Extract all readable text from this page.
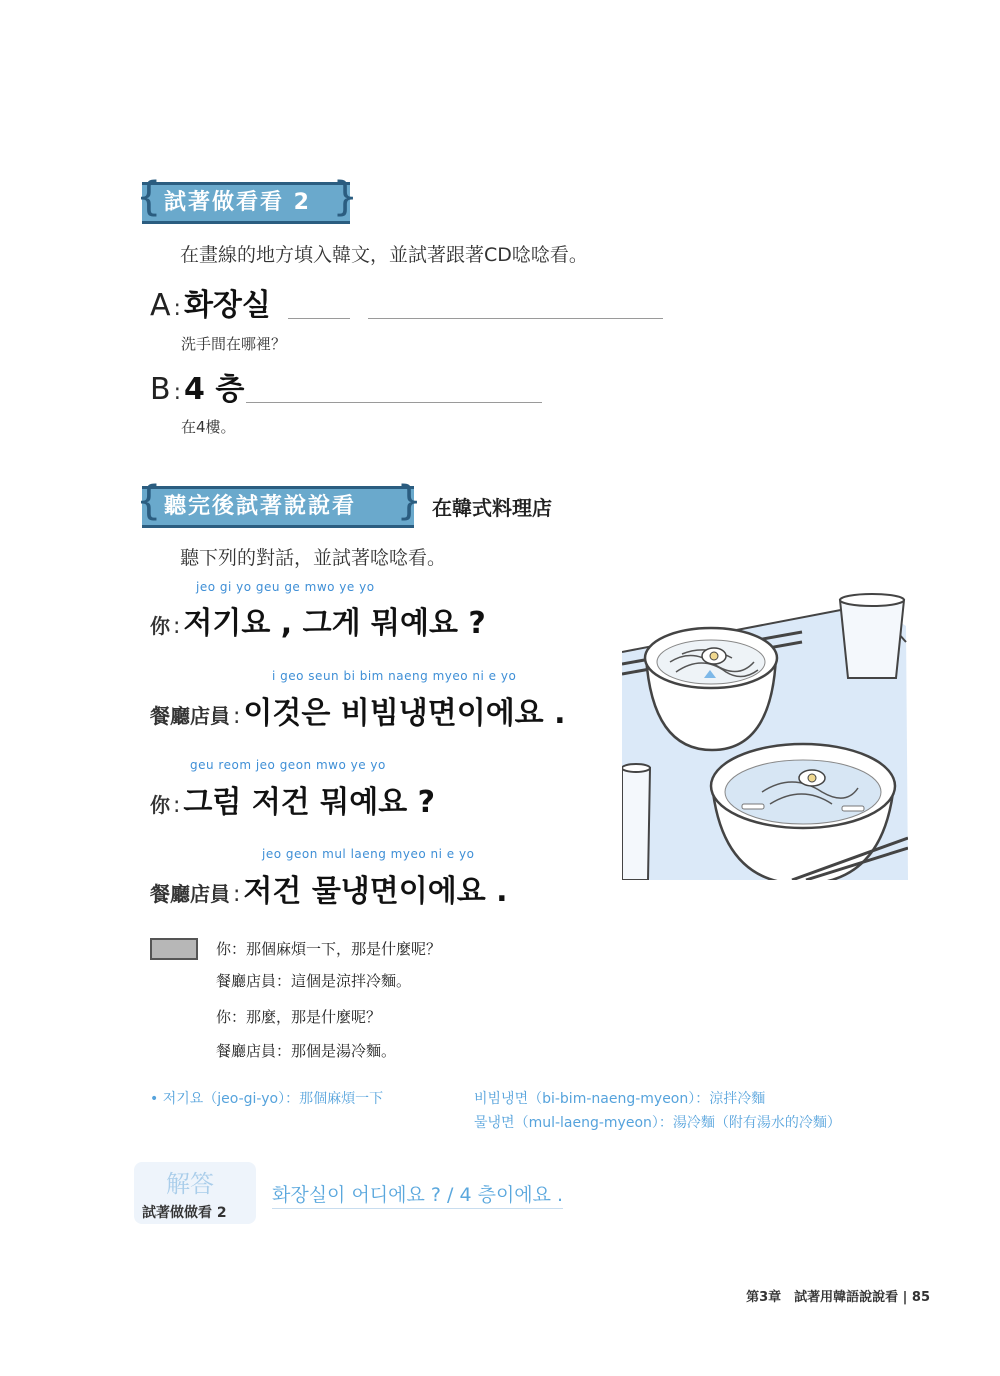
{ 試著做看看 2 }
在畫線的地方填入韓文，並試著跟著CD唸唸看。
A : 화장실
洗手間在哪裡？
B : 4 층
在4樓。
{ 聽完後試著說說看 }	在韓式料理店
聽下列的對話，並試著唸唸看。
jeo gi yo geu ge mwo ye yo
你 : 저기요 , 그게 뭐예요 ?
i geo seun bi bim naeng myeo ni e yo
餐廳店員 : 이것은 비빔냉면이에요 .
geu reom jeo geon mwo ye yo
你 : 그럼 저건 뭐예요 ?
jeo geon mul laeng myeo ni e yo
餐廳店員 : 저건 물냉면이에요 .
你：那個麻煩一下，那是什麼呢？
餐廳店員：這個是涼拌冷麵。
你：那麼，那是什麼呢？
餐廳店員：那個是湯冷麵。
• 저기요（jeo-gi-yo）：那個麻煩一下	비빔냉면（bi-bim-naeng-myeon）：涼拌冷麵
물냉면（mul-laeng-myeon）：湯冷麵（附有湯水的冷麵）
解答
試著做做看 2
화장실이 어디에요 ? / 4 층이에요 .
第3章　試著用韓語說說看 | 85
